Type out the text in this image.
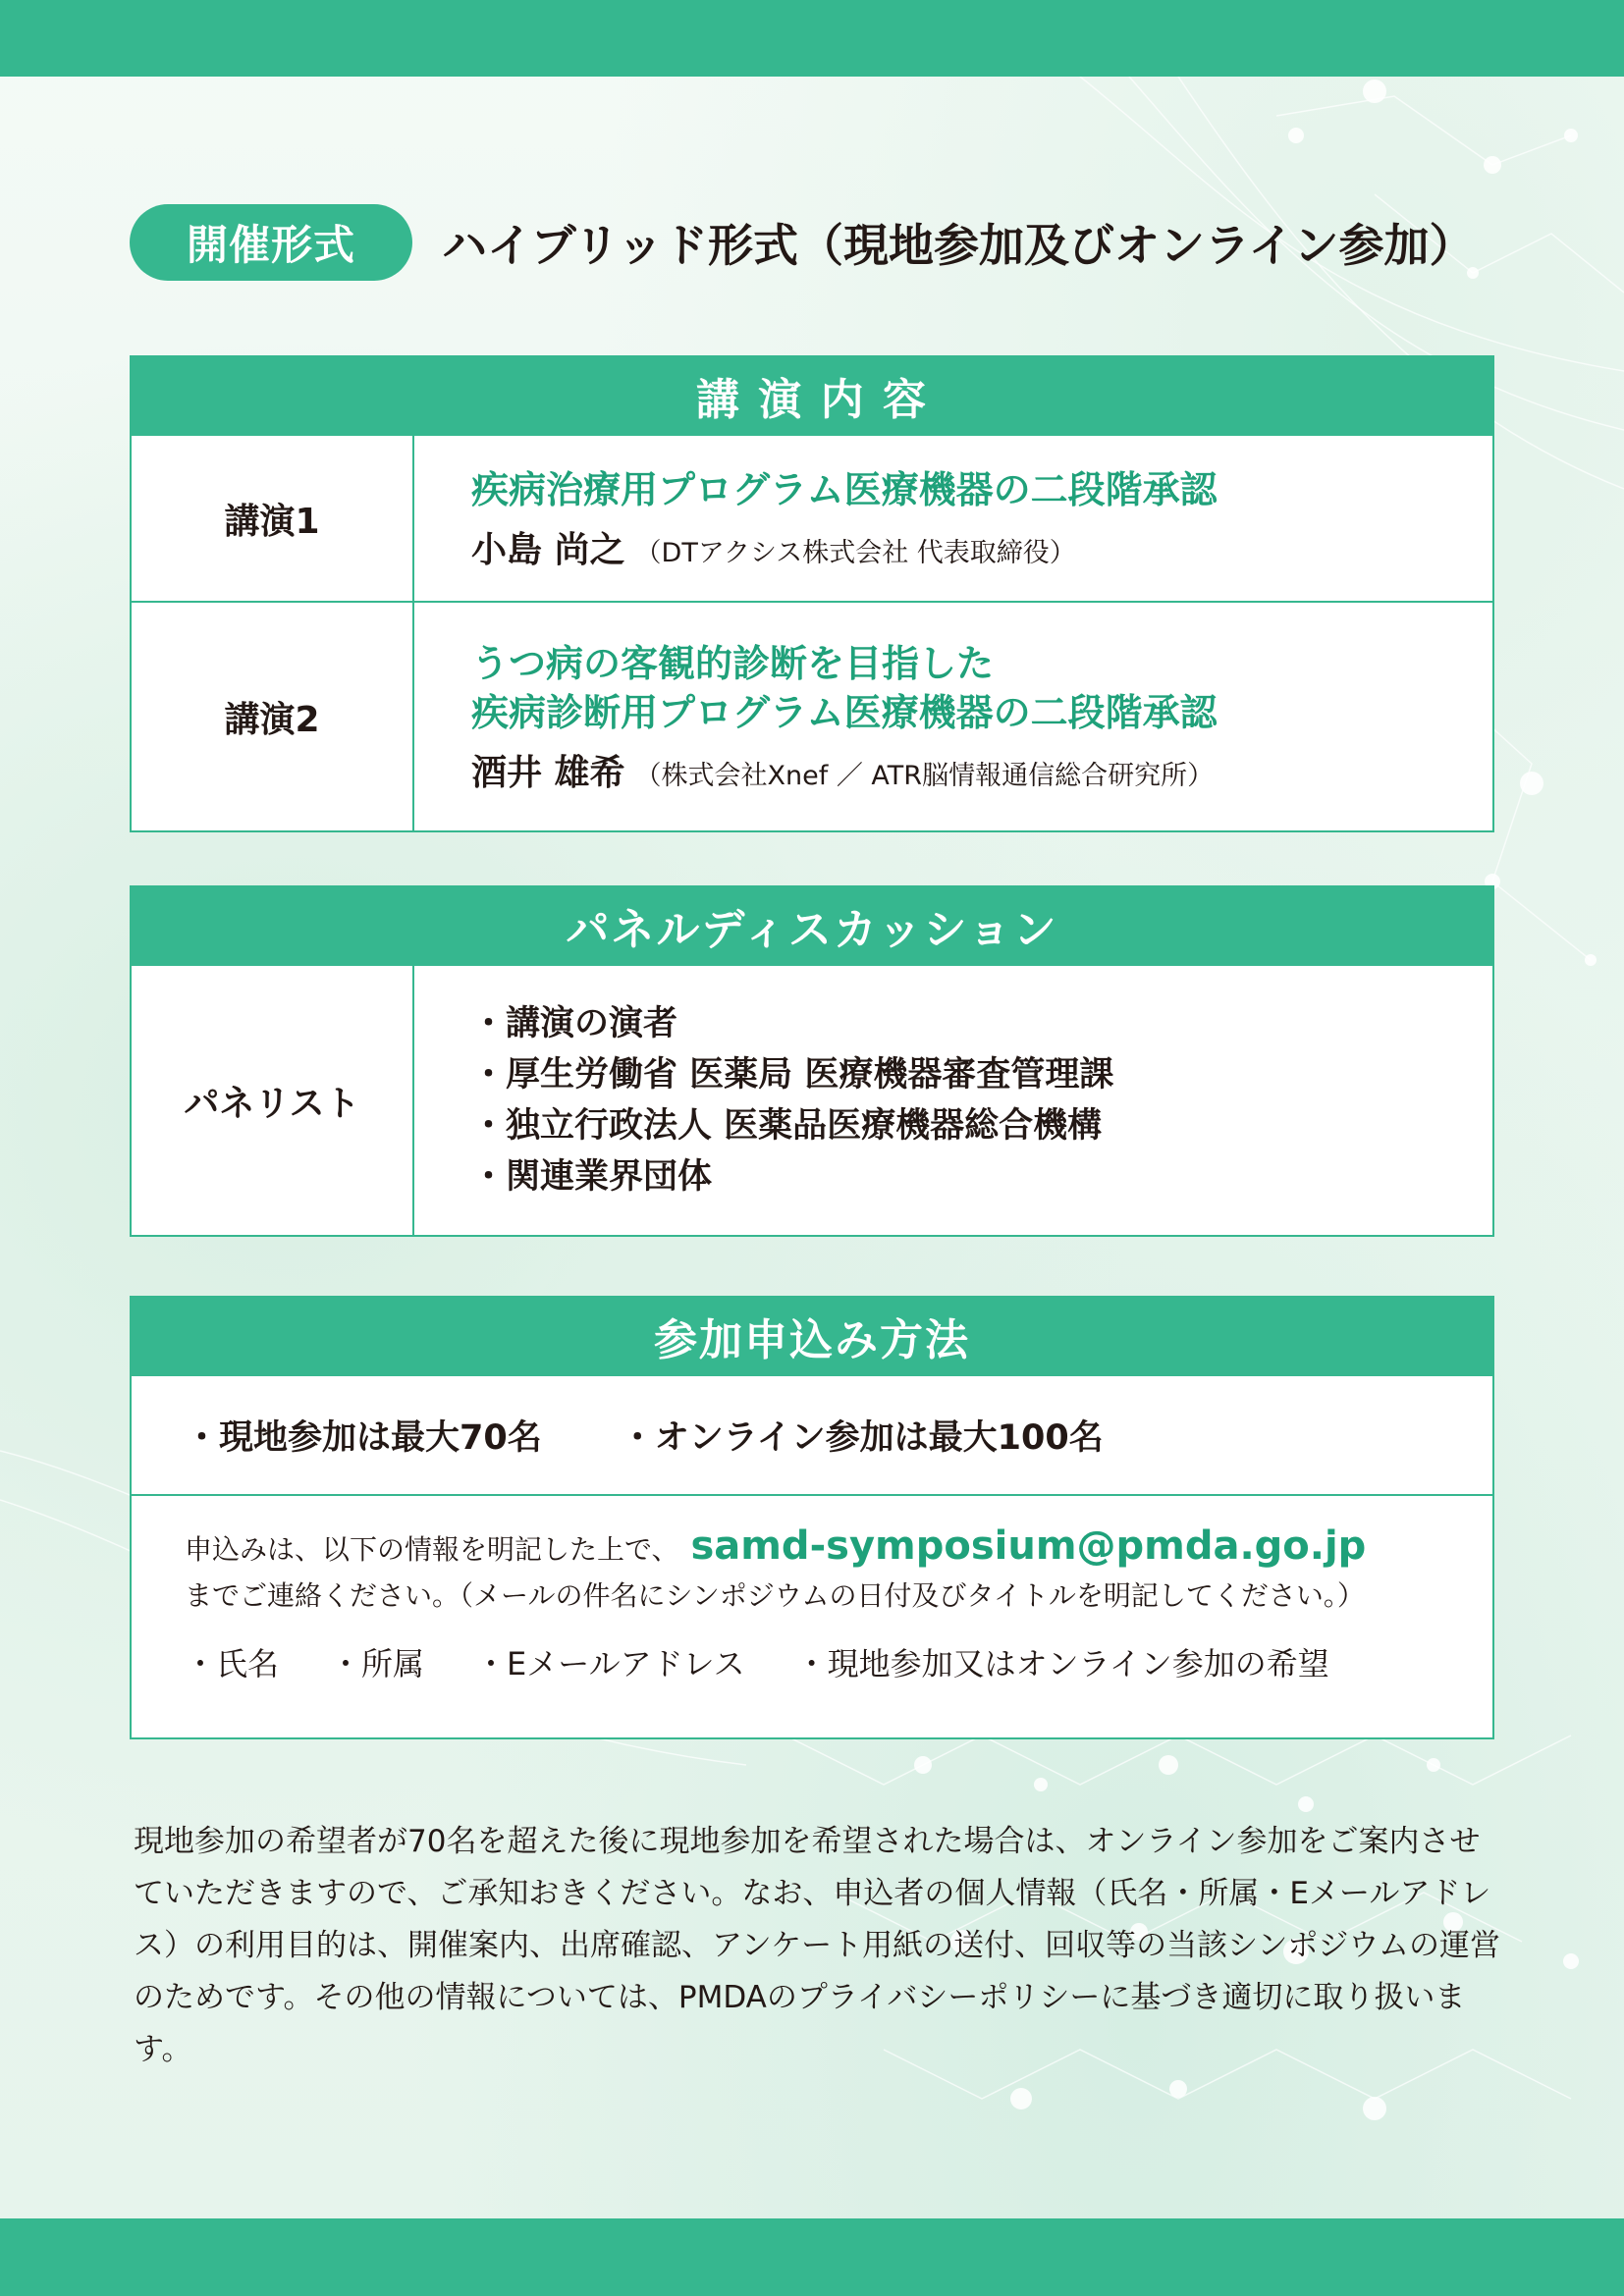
開催形式	ハイブリッド形式（現地参加及びオンライン参加）
講 演 内 容
講演1
疾病治療用プログラム医療機器の二段階承認
小島 尚之 （DTアクシス株式会社 代表取締役）
講演2
うつ病の客観的診断を目指した
疾病診断用プログラム医療機器の二段階承認
酒井 雄希 （株式会社Xnef ／ ATR脳情報通信総合研究所）
パネルディスカッション
パネリスト
・講演の演者
・厚生労働省 医薬局 医療機器審査管理課
・独立行政法人 医薬品医療機器総合機構
・関連業界団体
参加申込み方法
・現地参加は最大70名 ・オンライン参加は最大100名
申込みは、以下の情報を明記した上で、 samd-symposium@pmda.go.jp
までご連絡ください。（メールの件名にシンポジウムの日付及びタイトルを明記してください。）
・氏名 ・所属 ・Eメールアドレス ・現地参加又はオンライン参加の希望
現地参加の希望者が70名を超えた後に現地参加を希望された場合は、オンライン参加をご案内させていただきますので、ご承知おきください。なお、申込者の個人情報（氏名・所属・Eメールアドレス）の利用目的は、開催案内、出席確認、アンケート用紙の送付、回収等の当該シンポジウムの運営のためです。その他の情報については、PMDAのプライバシーポリシーに基づき適切に取り扱います。
